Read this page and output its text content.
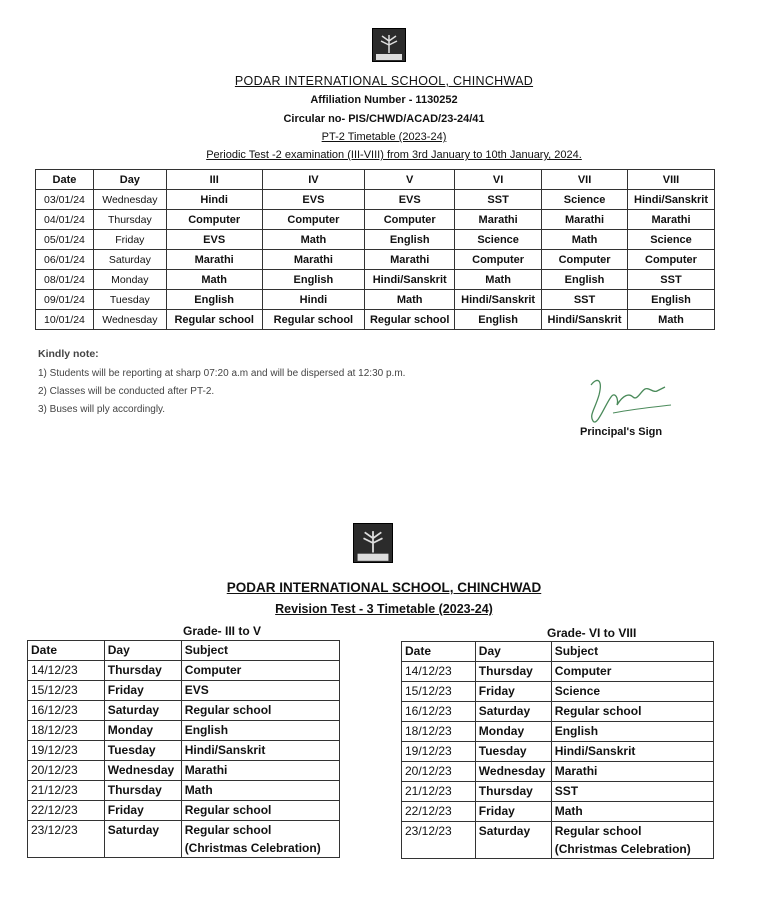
PODAR INTERNATIONAL SCHOOL, CHINCHWAD
Affiliation Number - 1130252
Circular no- PIS/CHWD/ACAD/23-24/41
PT-2 Timetable (2023-24)
Periodic Test -2 examination (III-VIII) from 3rd January to 10th January, 2024.
Date	Day	III	IV	V	VI	VII	VIII
03/01/24	Wednesday	Hindi	EVS	EVS	SST	Science	Hindi/Sanskrit
04/01/24	Thursday	Computer	Computer	Computer	Marathi	Marathi	Marathi
05/01/24	Friday	EVS	Math	English	Science	Math	Science
06/01/24	Saturday	Marathi	Marathi	Marathi	Computer	Computer	Computer
08/01/24	Monday	Math	English	Hindi/Sanskrit	Math	English	SST
09/01/24	Tuesday	English	Hindi	Math	Hindi/Sanskrit	SST	English
10/01/24	Wednesday	Regular school	Regular school	Regular school	English	Hindi/Sanskrit	Math
Kindly note:
1) Students will be reporting at sharp 07:20 a.m and will be dispersed at 12:30 p.m.
2) Classes will be conducted after PT-2.
3) Buses will ply accordingly.
Principal's Sign
PODAR INTERNATIONAL SCHOOL, CHINCHWAD
Revision Test - 3 Timetable (2023-24)
Grade- III to V	Grade- VI to VIII
Date	Day	Subject
14/12/23	Thursday	Computer
15/12/23	Friday	EVS
16/12/23	Saturday	Regular school
18/12/23	Monday	English
19/12/23	Tuesday	Hindi/Sanskrit
20/12/23	Wednesday	Marathi
21/12/23	Thursday	Math
22/12/23	Friday	Regular school
23/12/23	Saturday	Regular school
(Christmas Celebration)
Date	Day	Subject
14/12/23	Thursday	Computer
15/12/23	Friday	Science
16/12/23	Saturday	Regular school
18/12/23	Monday	English
19/12/23	Tuesday	Hindi/Sanskrit
20/12/23	Wednesday	Marathi
21/12/23	Thursday	SST
22/12/23	Friday	Math
23/12/23	Saturday	Regular school
(Christmas Celebration)
